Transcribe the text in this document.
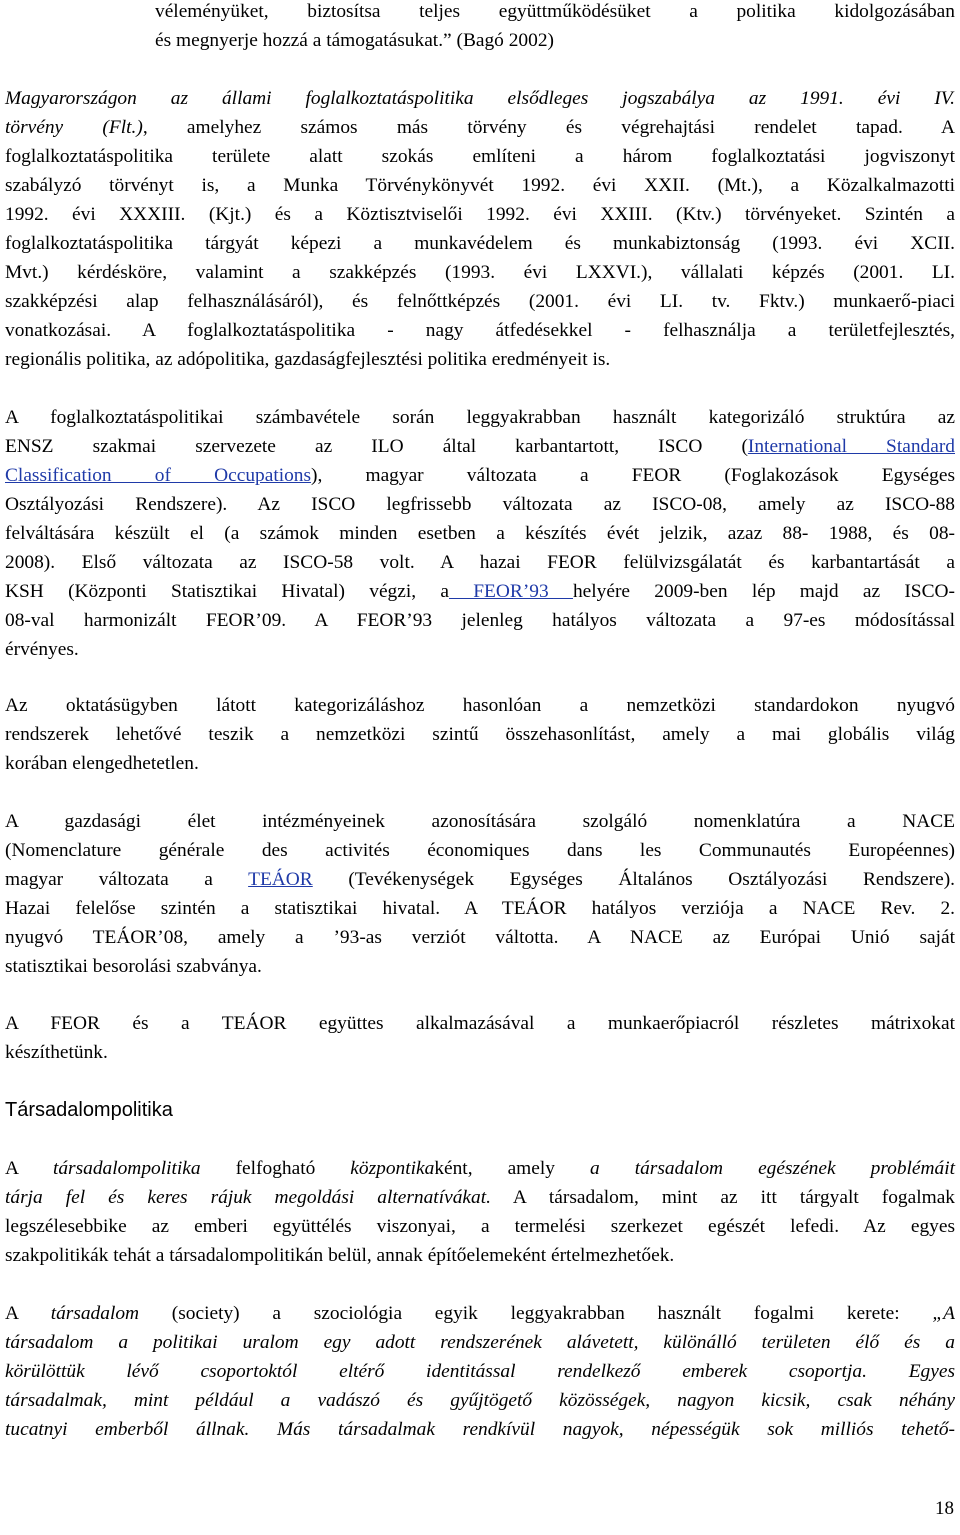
véleményüket, biztosítsa teljes együttműködésüket a politika kidolgozásában
és megnyerje hozzá a támogatásukat.” (Bagó 2002)
Magyarországon az állami foglalkoztatáspolitika elsődleges jogszabálya az 1991. évi IV.
törvény (Flt.), amelyhez számos más törvény és végrehajtási rendelet tapad. A
foglalkoztatáspolitika területe alatt szokás említeni a három foglalkoztatási jogviszonyt
szabályzó törvényt is, a Munka Törvénykönyvét 1992. évi XXII. (Mt.), a Közalkalmazotti
1992. évi XXXIII. (Kjt.) és a Köztisztviselői 1992. évi XXIII. (Ktv.) törvényeket. Szintén a
foglalkoztatáspolitika tárgyát képezi a munkavédelem és munkabiztonság (1993. évi XCII.
Mvt.) kérdésköre, valamint a szakképzés (1993. évi LXXVI.), vállalati képzés (2001. LI.
szakképzési alap felhasználásáról), és felnőttképzés (2001. évi LI. tv. Fktv.) munkaerő-piaci
vonatkozásai. A foglalkoztatáspolitika - nagy átfedésekkel - felhasználja a területfejlesztés,
regionális politika, az adópolitika, gazdaságfejlesztési politika eredményeit is.
A foglalkoztatáspolitikai számbavétele során leggyakrabban használt kategorizáló struktúra az
ENSZ szakmai szervezete az ILO által karbantartott, ISCO (International Standard
Classification of Occupations), magyar változata a FEOR (Foglakozások Egységes
Osztályozási Rendszere). Az ISCO legfrissebb változata az ISCO-08, amely az ISCO-88
felváltására készült el (a számok minden esetben a készítés évét jelzik, azaz 88- 1988, és 08-
2008). Első változata az ISCO-58 volt. A hazai FEOR felülvizsgálatát és karbantartását a
KSH (Központi Statisztikai Hivatal) végzi, a FEOR’93 helyére 2009-ben lép majd az ISCO-
08-val harmonizált FEOR’09. A FEOR’93 jelenleg hatályos változata a 97-es módosítással
érvényes.
Az oktatásügyben látott kategorizáláshoz hasonlóan a nemzetközi standardokon nyugvó
rendszerek lehetővé teszik a nemzetközi szintű összehasonlítást, amely a mai globális világ
korában elengedhetetlen.
A gazdasági élet intézményeinek azonosítására szolgáló nomenklatúra a NACE
(Nomenclature générale des activités économiques dans les Communautés Européennes)
magyar változata a TEÁOR (Tevékenységek Egységes Általános Osztályozási Rendszere).
Hazai felelőse szintén a statisztikai hivatal. A TEÁOR hatályos verziója a NACE Rev. 2.
nyugvó TEÁOR’08, amely a ’93-as verziót váltotta. A NACE az Európai Unió saját
statisztikai besorolási szabványa.
A FEOR és a TEÁOR együttes alkalmazásával a munkaerőpiacról részletes mátrixokat
készíthetünk.
A társadalompolitika felfogható központikaként, amely a társadalom egészének problémáit
tárja fel és keres rájuk megoldási alternatívákat. A társadalom, mint az itt tárgyalt fogalmak
legszélesebbike az emberi együttélés viszonyai, a termelési szerkezet egészét lefedi. Az egyes
szakpolitikák tehát a társadalompolitikán belül, annak építőelemeként értelmezhetőek.
A társadalom (society) a szociológia egyik leggyakrabban használt fogalmi kerete: „A
társadalom a politikai uralom egy adott rendszerének alávetett, különálló területen élő és a
körülöttük lévő csoportoktól eltérő identitással rendelkező emberek csoportja. Egyes
társadalmak, mint például a vadászó és gyűjtögető közösségek, nagyon kicsik, csak néhány
tucatnyi emberből állnak. Más társadalmak rendkívül nagyok, népességük sok milliós tehető-
Társadalompolitika
18
